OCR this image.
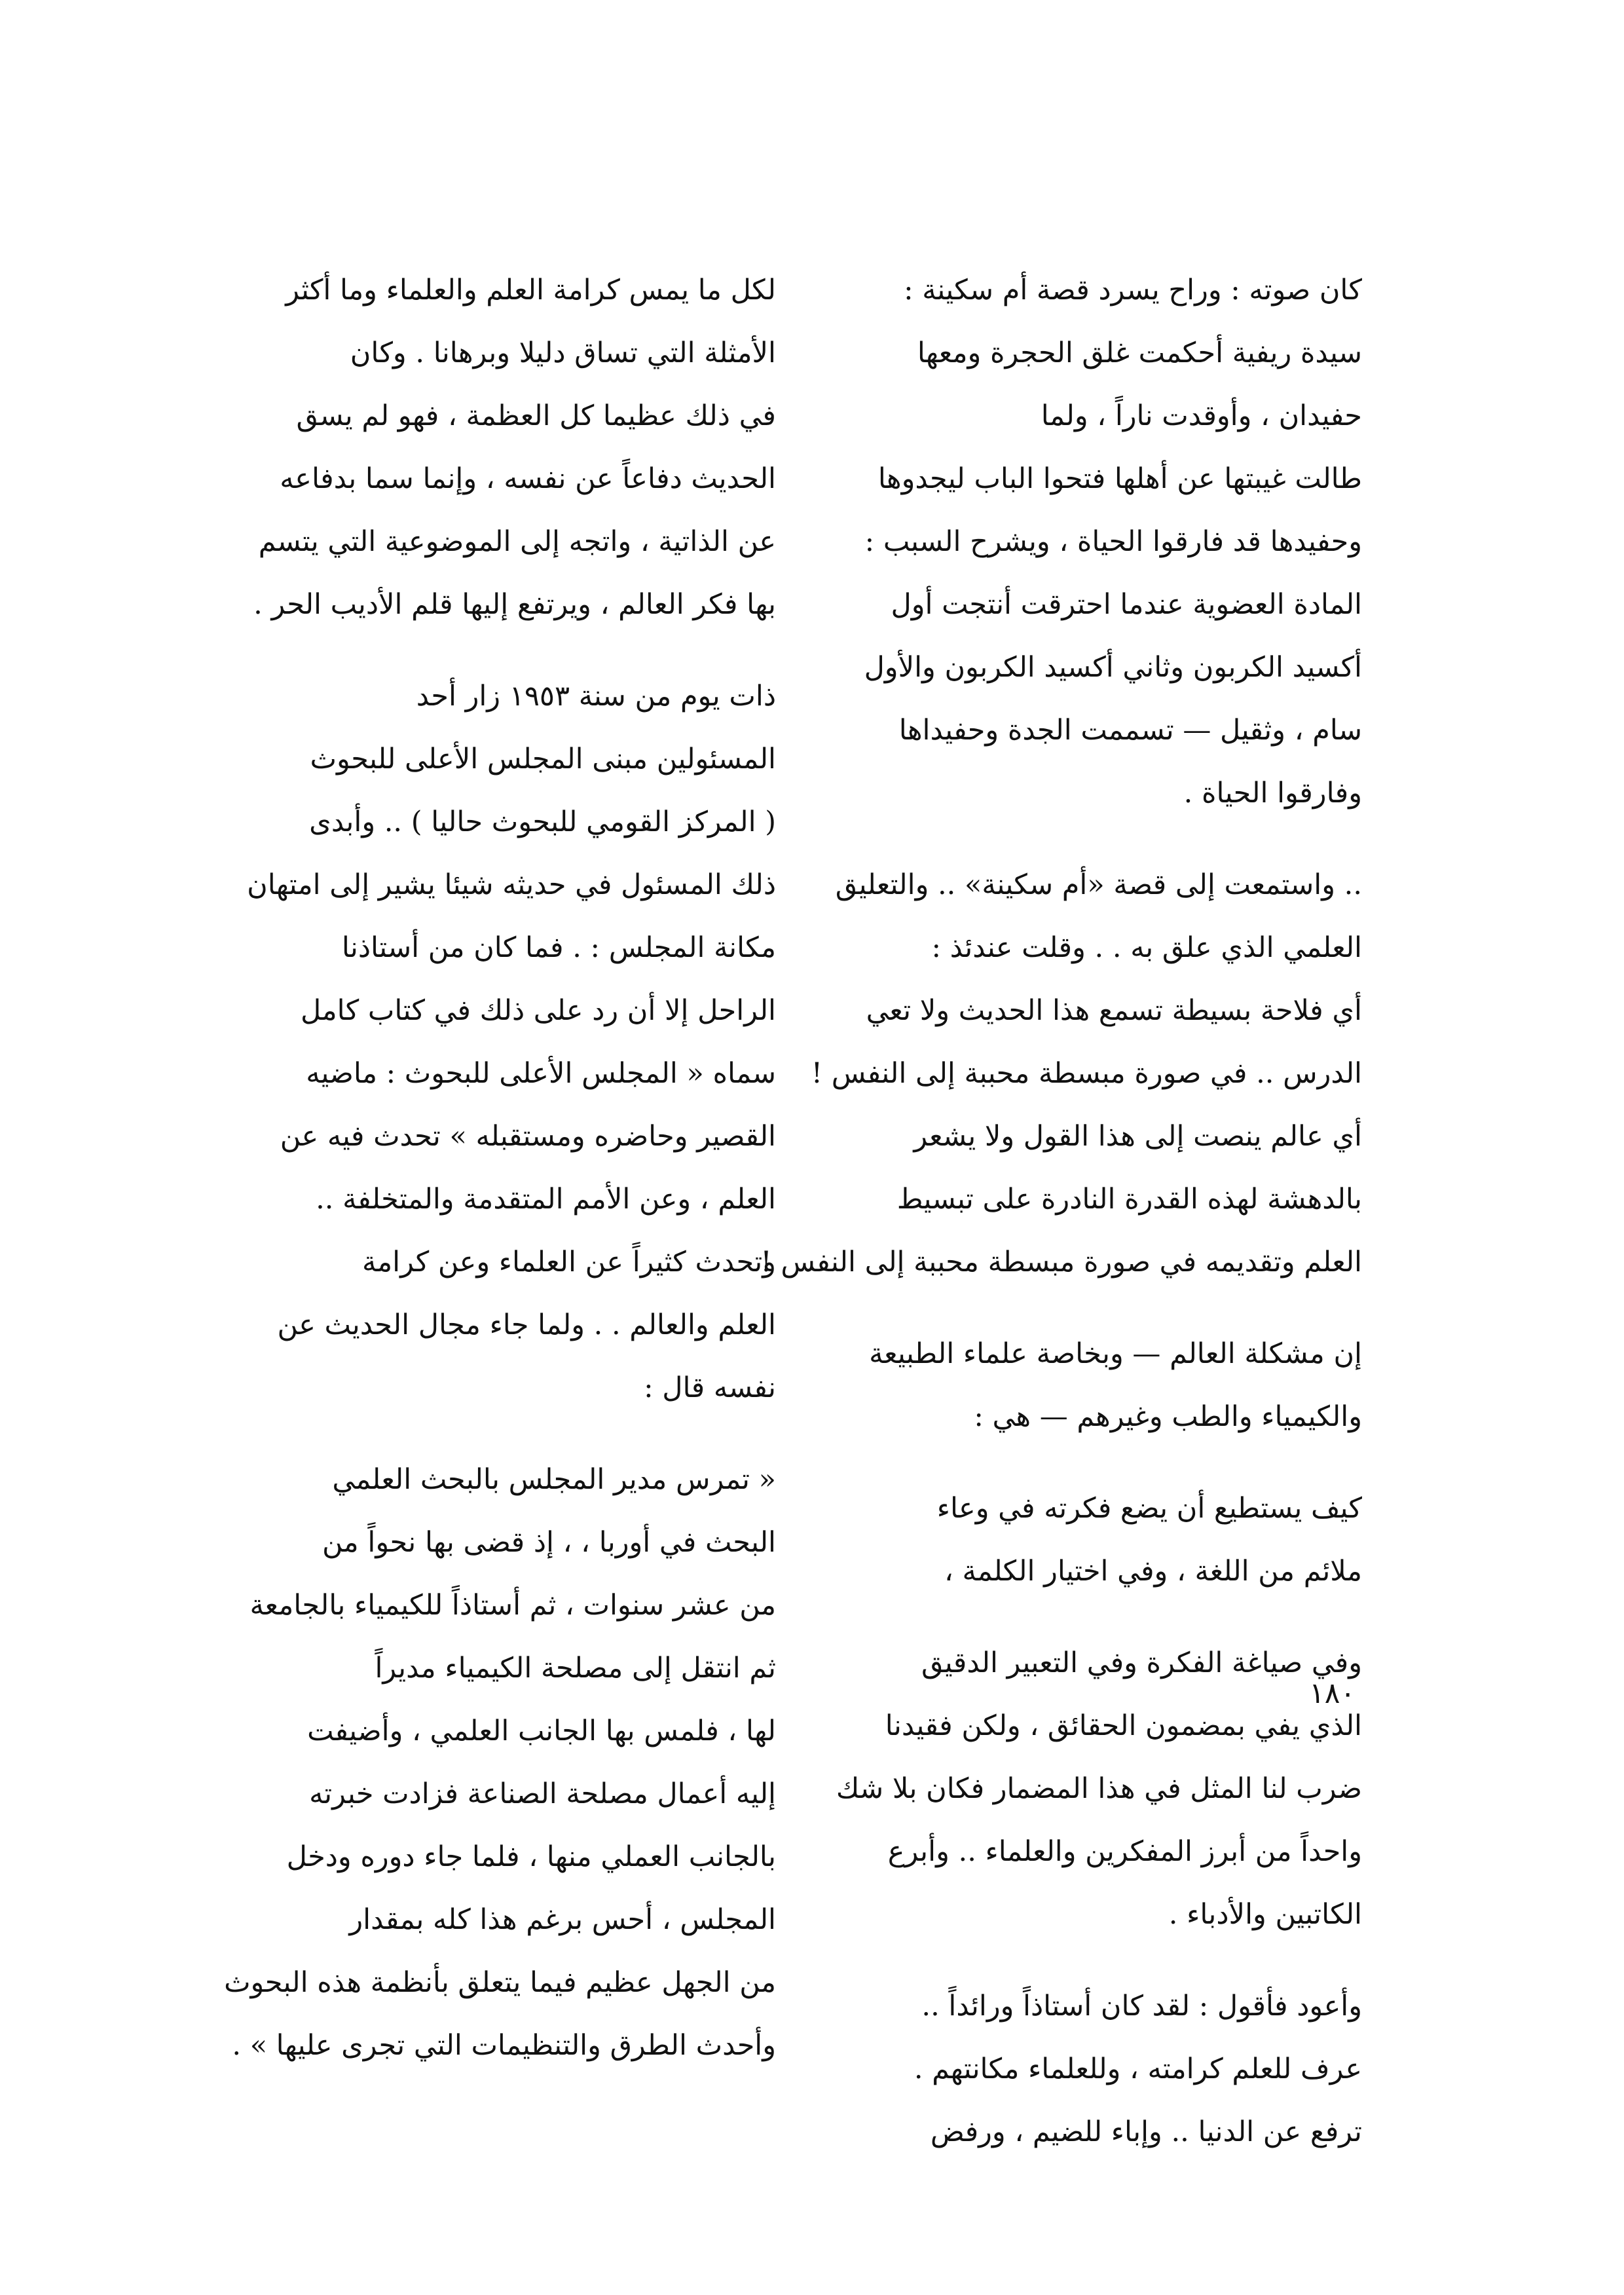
كان صوته : وراح يسرد قصة أم سكينة :
سيدة ريفية أحكمت غلق الحجرة ومعها
حفيدان ، وأوقدت ناراً ، ولما
طالت غيبتها عن أهلها فتحوا الباب ليجدوها
وحفيدها قد فارقوا الحياة ، ويشرح السبب :
المادة العضوية عندما احترقت أنتجت أول
أكسيد الكربون وثاني أكسيد الكربون والأول
سام ، وثقيل — تسممت الجدة وحفيداها
وفارقوا الحياة .

.. واستمعت إلى قصة «أم سكينة» .. والتعليق
العلمي الذي علق به . . وقلت عندئذ :
أي فلاحة بسيطة تسمع هذا الحديث ولا تعي
الدرس .. في صورة مبسطة محببة إلى النفس !
أي عالم ينصت إلى هذا القول ولا يشعر
بالدهشة لهذه القدرة النادرة على تبسيط
العلم وتقديمه في صورة مبسطة محببة إلى النفس !

إن مشكلة العالم — وبخاصة علماء الطبيعة
والكيمياء والطب وغيرهم — هي :

كيف يستطيع أن يضع فكرته في وعاء
ملائم من اللغة ، وفي اختيار الكلمة ،

وفي صياغة الفكرة وفي التعبير الدقيق
الذي يفي بمضمون الحقائق ، ولكن فقيدنا
ضرب لنا المثل في هذا المضمار فكان بلا شك
واحداً من أبرز المفكرين والعلماء .. وأبرع
الكاتبين والأدباء .

وأعود فأقول : لقد كان أستاذاً ورائداً ..
عرف للعلم كرامته ، وللعلماء مكانتهم .
ترفع عن الدنيا .. وإباء للضيم ، ورفض

لكل ما يمس كرامة العلم والعلماء وما أكثر
الأمثلة التي تساق دليلا وبرهانا . وكان
في ذلك عظيما كل العظمة ، فهو لم يسق
الحديث دفاعاً عن نفسه ، وإنما سما بدفاعه
عن الذاتية ، واتجه إلى الموضوعية التي يتسم
بها فكر العالم ، ويرتفع إليها قلم الأديب الحر .

ذات يوم من سنة ١٩٥٣ زار أحد
المسئولين مبنى المجلس الأعلى للبحوث
( المركز القومي للبحوث حاليا ) .. وأبدى
ذلك المسئول في حديثه شيئا يشير إلى امتهان
مكانة المجلس : . فما كان من أستاذنا
الراحل إلا أن رد على ذلك في كتاب كامل
سماه « المجلس الأعلى للبحوث : ماضيه
القصير وحاضره ومستقبله » تحدث فيه عن
العلم ، وعن الأمم المتقدمة والمتخلفة ..
وتحدث كثيراً عن العلماء وعن كرامة
العلم والعالم . . ولما جاء مجال الحديث عن
نفسه قال :

« تمرس مدير المجلس بالبحث العلمي
البحث في أوربا ، ، إذ قضى بها نحواً من
من عشر سنوات ، ثم أستاذاً للكيمياء بالجامعة
ثم انتقل إلى مصلحة الكيمياء مديراً
لها ، فلمس بها الجانب العلمي ، وأضيفت
إليه أعمال مصلحة الصناعة فزادت خبرته
بالجانب العملي منها ، فلما جاء دوره ودخل
المجلس ، أحس برغم هذا كله بمقدار
من الجهل عظيم فيما يتعلق بأنظمة هذه البحوث
وأحدث الطرق والتنظيمات التي تجرى عليها » .

١٨٠
